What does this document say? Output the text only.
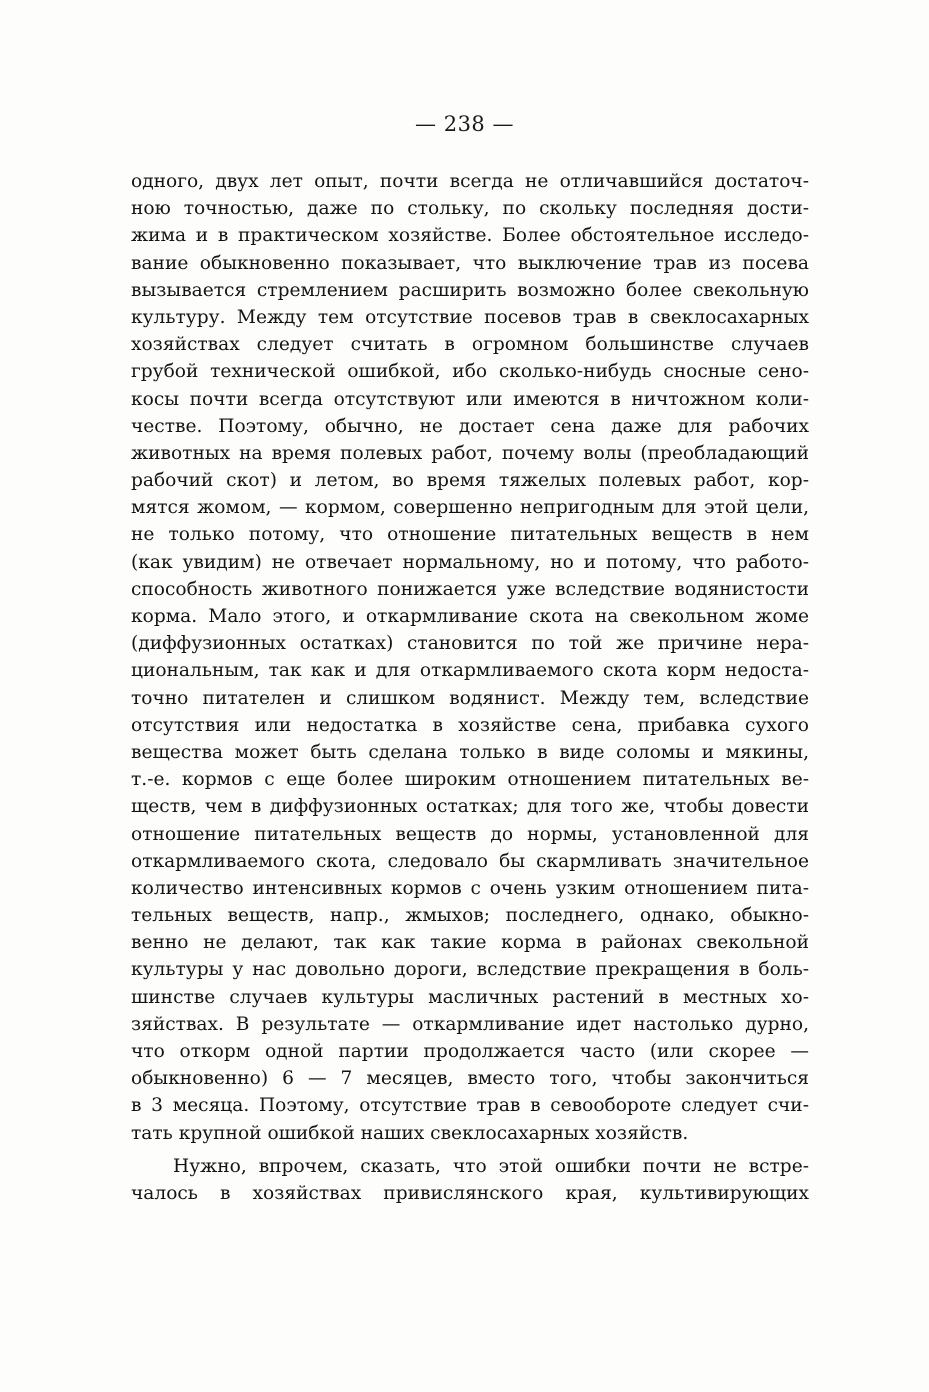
— 238 —
одного, двух лет опыт, почти всегда не отличавшийся достаточ-
ною точностью, даже по стольку, по скольку последняя дости-
жима и в практическом хозяйстве. Более обстоятельное исследо-
вание обыкновенно показывает, что выключение трав из посева
вызывается стремлением расширить возможно более свекольную
культуру. Между тем отсутствие посевов трав в свеклосахарных
хозяйствах следует считать в огромном большинстве случаев
грубой технической ошибкой, ибо сколько-нибудь сносные сено-
косы почти всегда отсутствуют или имеются в ничтожном коли-
честве. Поэтому, обычно, не достает сена даже для рабочих
животных на время полевых работ, почему волы (преобладающий
рабочий скот) и летом, во время тяжелых полевых работ, кор-
мятся жомом, — кормом, совершенно непригодным для этой цели,
не только потому, что отношение питательных веществ в нем
(как увидим) не отвечает нормальному, но и потому, что работо-
способность животного понижается уже вследствие водянистости
корма. Мало этого, и откармливание скота на свекольном жоме
(диффузионных остатках) становится по той же причине нера-
циональным, так как и для откармливаемого скота корм недоста-
точно питателен и слишком водянист. Между тем, вследствие
отсутствия или недостатка в хозяйстве сена, прибавка сухого
вещества может быть сделана только в виде соломы и мякины,
т.-е. кормов с еще более широким отношением питательных ве-
ществ, чем в диффузионных остатках; для того же, чтобы довести
отношение питательных веществ до нормы, установленной для
откармливаемого скота, следовало бы скармливать значительное
количество интенсивных кормов с очень узким отношением пита-
тельных веществ, напр., жмыхов; последнего, однако, обыкно-
венно не делают, так как такие корма в районах свекольной
культуры у нас довольно дороги, вследствие прекращения в боль-
шинстве случаев культуры масличных растений в местных хо-
зяйствах. В результате — откармливание идет настолько дурно,
что откорм одной партии продолжается часто (или скорее —
обыкновенно) 6 — 7 месяцев, вместо того, чтобы закончиться
в 3 месяца. Поэтому, отсутствие трав в севообороте следует счи-
тать крупной ошибкой наших свеклосахарных хозяйств.
Нужно, впрочем, сказать, что этой ошибки почти не встре-
чалось в хозяйствах привислянского края, культивирующих
